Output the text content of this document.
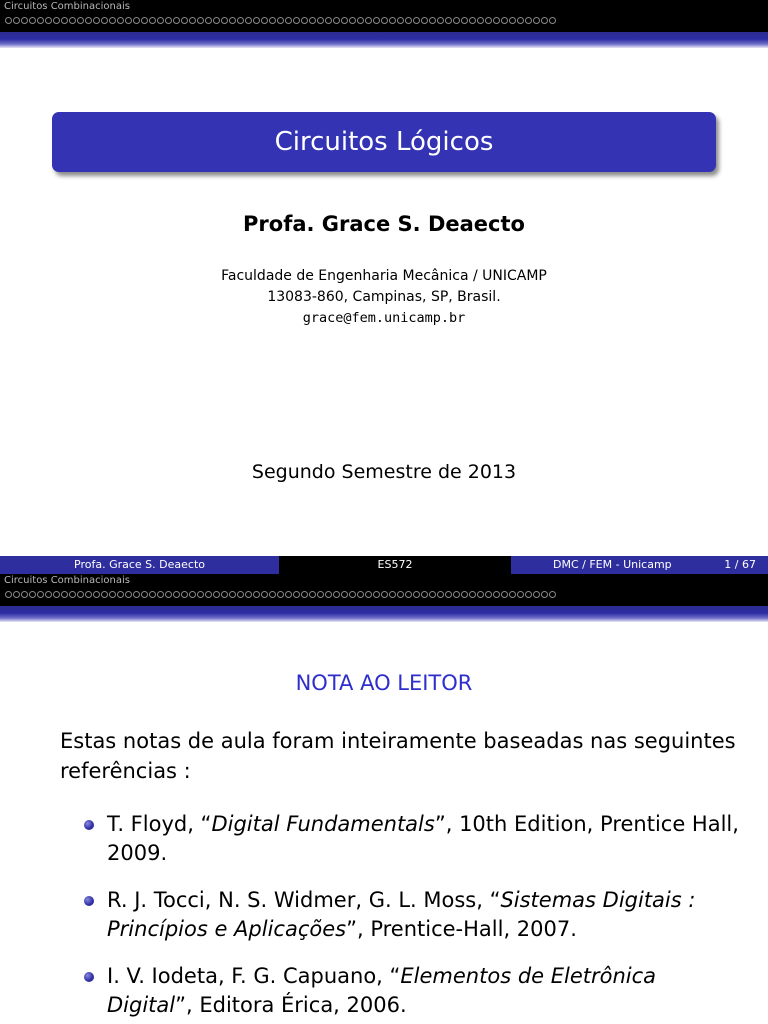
Circuitos Combinacionais
Circuitos Lógicos
Profa. Grace S. Deaecto
Faculdade de Engenharia Mecânica / UNICAMP
13083-860, Campinas, SP, Brasil.
grace@fem.unicamp.br
Segundo Semestre de 2013
Profa. Grace S. Deaecto	ES572	DMC / FEM - Unicamp	1 / 67
Circuitos Combinacionais
NOTA AO LEITOR
Estas notas de aula foram inteiramente baseadas nas seguintes referências :
T. Floyd, “Digital Fundamentals”, 10th Edition, Prentice Hall, 2009.
R. J. Tocci, N. S. Widmer, G. L. Moss, “Sistemas Digitais : Princípios e Aplicações”, Prentice-Hall, 2007.
I. V. Iodeta, F. G. Capuano, “Elementos de Eletrônica Digital”, Editora Érica, 2006.
